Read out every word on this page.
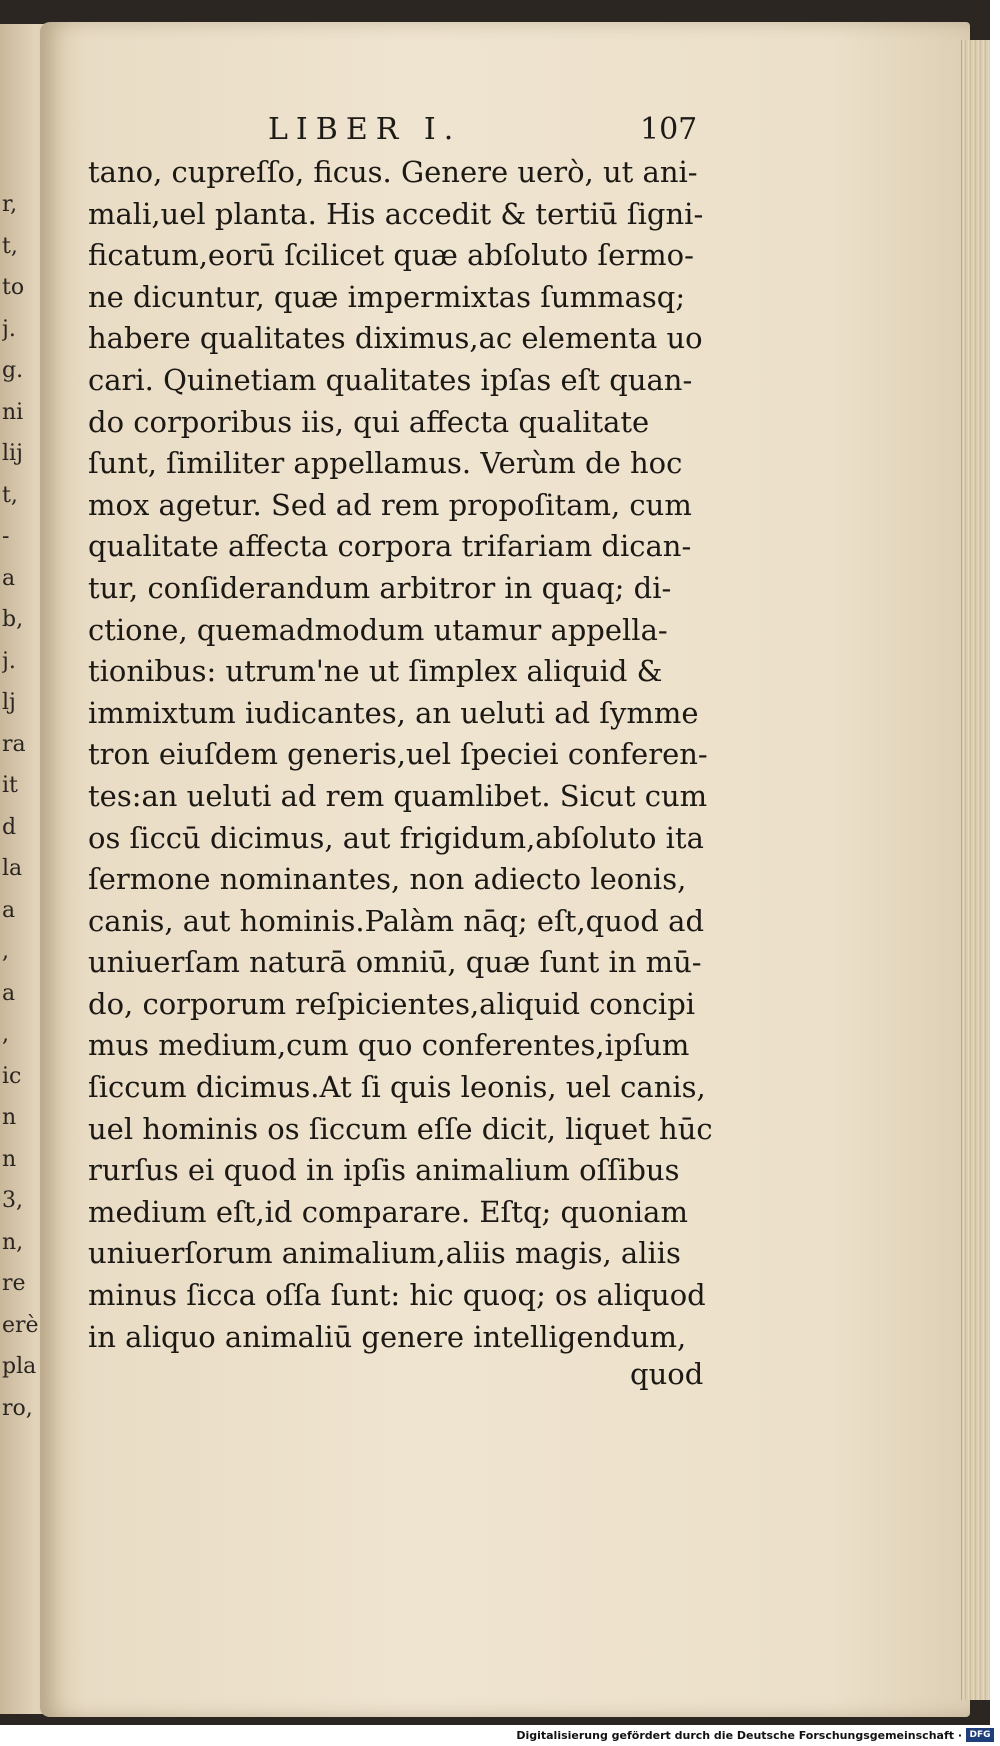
r,
t,
to
j.
g.
ni
lij
t,
-
a
b,
j.
lj
ra
it
d
la
a
,
a
,
ic
n
n
3,
n,
re
erè
pla
ro,
LIBER I.	107
tano, cupreſſo, ficus. Genere uerò, ut ani-
mali,uel planta. His accedit & tertiū ſigni-
ficatum,eorū ſcilicet quæ abſoluto ſermo-
ne dicuntur, quæ impermixtas ſummasq;
habere qualitates diximus,ac elementa uo
cari. Quinetiam qualitates ipſas eſt quan-
do corporibus iis, qui affecta qualitate
ſunt, ſimiliter appellamus. Verùm de hoc
mox agetur. Sed ad rem propoſitam, cum
qualitate affecta corpora trifariam dican-
tur, conſiderandum arbitror in quaq; di-
ctione, quemadmodum utamur appella-
tionibus: utrum'ne ut ſimplex aliquid &
immixtum iudicantes, an ueluti ad ſymme
tron eiuſdem generis,uel ſpeciei conferen-
tes:an ueluti ad rem quamlibet. Sicut cum
os ſiccū dicimus, aut frigidum,abſoluto ita
ſermone nominantes, non adiecto leonis,
canis, aut hominis.Palàm nāq; eſt,quod ad
uniuerſam naturā omniū, quæ ſunt in mū-
do, corporum reſpicientes,aliquid concipi
mus medium,cum quo conferentes,ipſum
ſiccum dicimus.At ſi quis leonis, uel canis,
uel hominis os ſiccum eſſe dicit, liquet hūc
rurſus ei quod in ipſis animalium oſſibus
medium eſt,id comparare. Eſtq; quoniam
uniuerſorum animalium,aliis magis, aliis
minus ſicca oſſa ſunt: hic quoq; os aliquod
in aliquo animaliū genere intelligendum,
quod
Digitalisierung gefördert durch die Deutsche Forschungsgemeinschaft · DFG
